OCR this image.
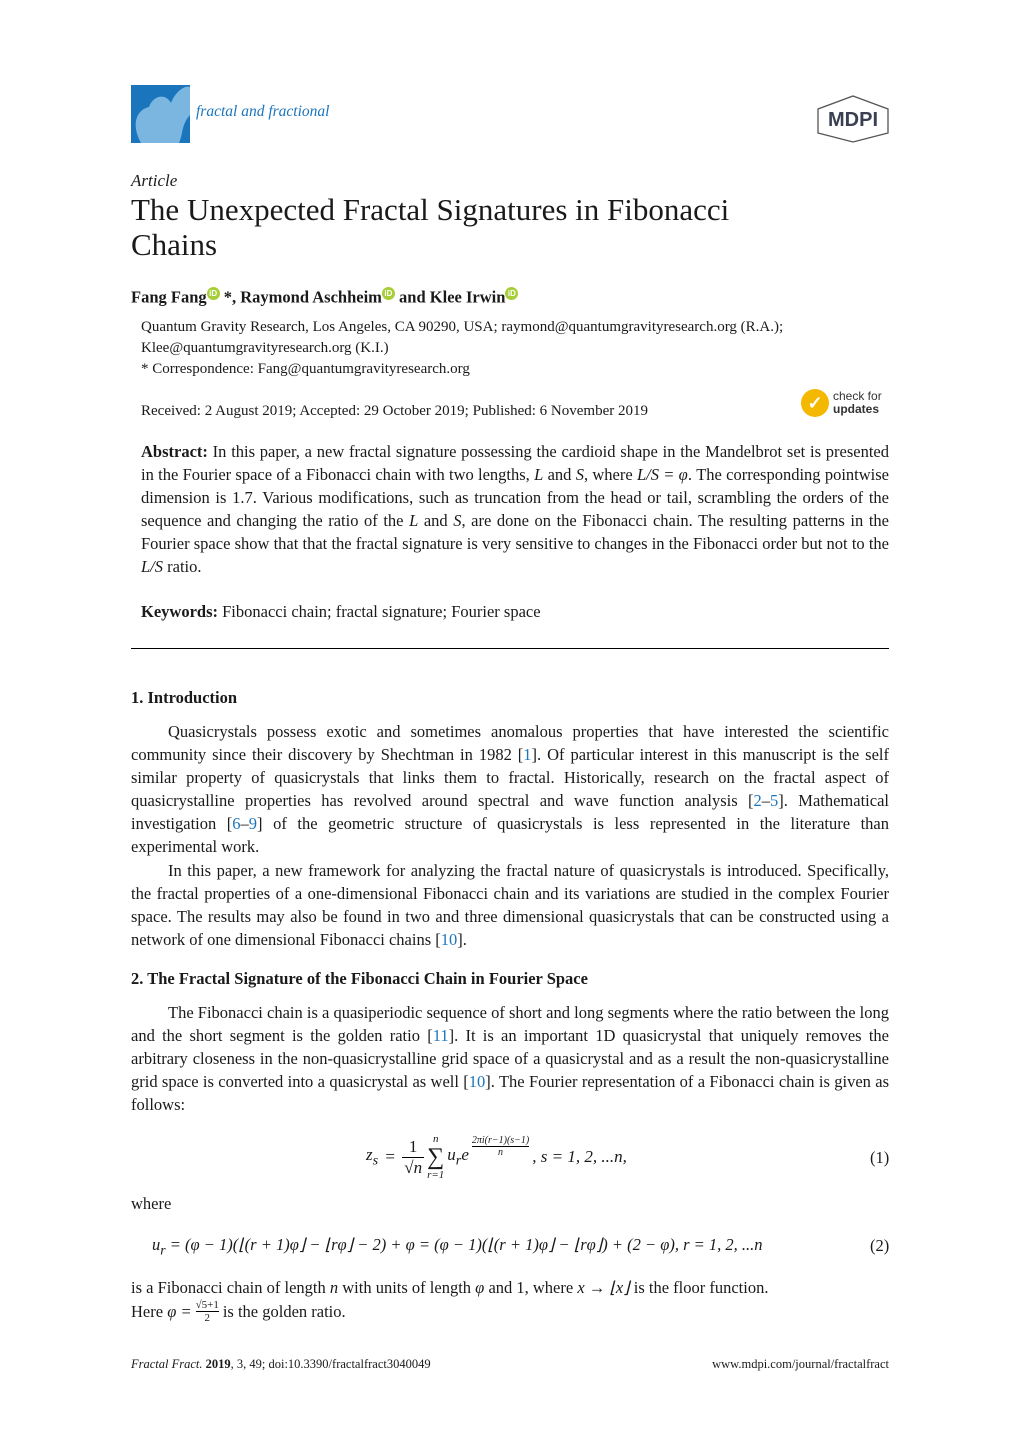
fractal and fractional	MDPI
Article
The Unexpected Fractal Signatures in Fibonacci Chains
Fang Fang iD *, Raymond Aschheim iD and Klee Irwin iD
Quantum Gravity Research, Los Angeles, CA 90290, USA; raymond@quantumgravityresearch.org (R.A.); Klee@quantumgravityresearch.org (K.I.)
* Correspondence: Fang@quantumgravityresearch.org
Received: 2 August 2019; Accepted: 29 October 2019; Published: 6 November 2019	✓ check for
updates
Abstract: In this paper, a new fractal signature possessing the cardioid shape in the Mandelbrot set is presented in the Fourier space of a Fibonacci chain with two lengths, L and S, where L/S = φ. The corresponding pointwise dimension is 1.7. Various modifications, such as truncation from the head or tail, scrambling the orders of the sequence and changing the ratio of the L and S, are done on the Fibonacci chain. The resulting patterns in the Fourier space show that that the fractal signature is very sensitive to changes in the Fibonacci order but not to the L/S ratio.
Keywords: Fibonacci chain; fractal signature; Fourier space
1. Introduction
Quasicrystals possess exotic and sometimes anomalous properties that have interested the scientific community since their discovery by Shechtman in 1982 [1]. Of particular interest in this manuscript is the self similar property of quasicrystals that links them to fractal. Historically, research on the fractal aspect of quasicrystalline properties has revolved around spectral and wave function analysis [2–5]. Mathematical investigation [6–9] of the geometric structure of quasicrystals is less represented in the literature than experimental work.
In this paper, a new framework for analyzing the fractal nature of quasicrystals is introduced. Specifically, the fractal properties of a one-dimensional Fibonacci chain and its variations are studied in the complex Fourier space. The results may also be found in two and three dimensional quasicrystals that can be constructed using a network of one dimensional Fibonacci chains [10].
2. The Fractal Signature of the Fibonacci Chain in Fourier Space
The Fibonacci chain is a quasiperiodic sequence of short and long segments where the ratio between the long and the short segment is the golden ratio [11]. It is an important 1D quasicrystal that uniquely removes the arbitrary closeness in the non-quasicrystalline grid space of a quasicrystal and as a result the non-quasicrystalline grid space is converted into a quasicrystal as well [10]. The Fourier representation of a Fibonacci chain is given as follows:
$z_s = \frac{1}{√n}$ n
∑
r=1
$u_re$
2πi(r−1)(s−1)
n , s = 1, 2, ...n,	(1)
where
$u_r = (\varphi$ − 1)(⌊(r + 1)φ⌋ − ⌊rφ⌋ − 2) + φ = (φ − 1)(⌊(r + 1)φ⌋ − ⌊rφ⌋) + (2 − φ), r = 1, 2, ...n	(2)
is a Fibonacci chain of length n with units of length φ and 1, where x → ⌊x⌋ is the floor function.
Here $\varphi = \frac{√5+1}{2}$ is the golden ratio.
Fractal Fract. 2019, 3, 49; doi:10.3390/fractalfract3040049	www.mdpi.com/journal/fractalfract
